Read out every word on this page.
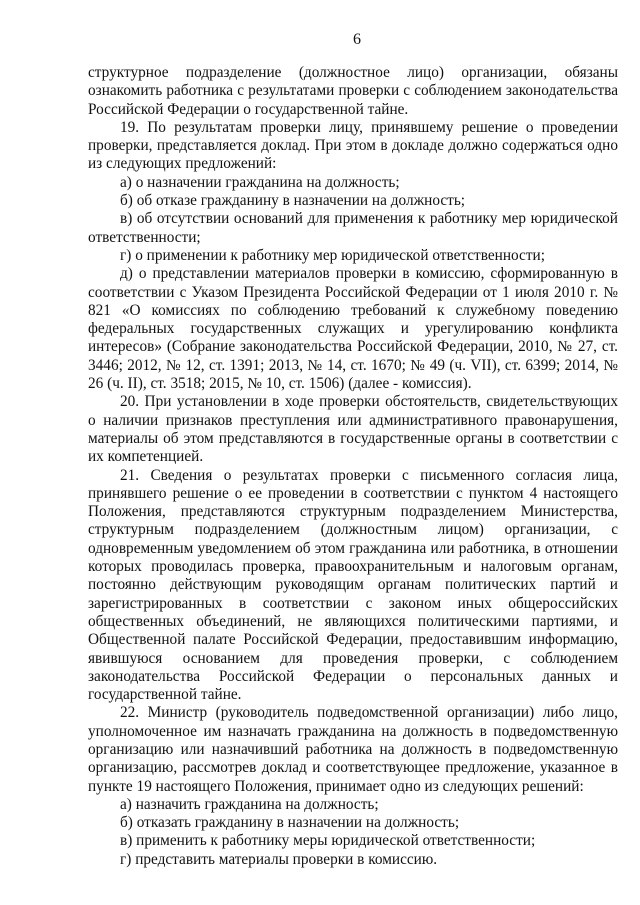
6

структурное подразделение (должностное лицо) организации, обязаны ознакомить работника с результатами проверки с соблюдением законодательства Российской Федерации о государственной тайне.

19. По результатам проверки лицу, принявшему решение о проведении проверки, представляется доклад. При этом в докладе должно содержаться одно из следующих предложений:

а) о назначении гражданина на должность;

б) об отказе гражданину в назначении на должность;

в) об отсутствии оснований для применения к работнику мер юридической ответственности;

г) о применении к работнику мер юридической ответственности;

д) о представлении материалов проверки в комиссию, сформированную в соответствии с Указом Президента Российской Федерации от 1 июля 2010 г. № 821 «О комиссиях по соблюдению требований к служебному поведению федеральных государственных служащих и урегулированию конфликта интересов» (Собрание законодательства Российской Федерации, 2010, № 27, ст. 3446; 2012, № 12, ст. 1391; 2013, № 14, ст. 1670; № 49 (ч. VII), ст. 6399; 2014, № 26 (ч. II), ст. 3518; 2015, № 10, ст. 1506) (далее - комиссия).

20. При установлении в ходе проверки обстоятельств, свидетельствующих о наличии признаков преступления или административного правонарушения, материалы об этом представляются в государственные органы в соответствии с их компетенцией.

21. Сведения о результатах проверки с письменного согласия лица, принявшего решение о ее проведении в соответствии с пунктом 4 настоящего Положения, представляются структурным подразделением Министерства, структурным подразделением (должностным лицом) организации, с одновременным уведомлением об этом гражданина или работника, в отношении которых проводилась проверка, правоохранительным и налоговым органам, постоянно действующим руководящим органам политических партий и зарегистрированных в соответствии с законом иных общероссийских общественных объединений, не являющихся политическими партиями, и Общественной палате Российской Федерации, предоставившим информацию, явившуюся основанием для проведения проверки, с соблюдением законодательства Российской Федерации о персональных данных и государственной тайне.

22. Министр (руководитель подведомственной организации) либо лицо, уполномоченное им назначать гражданина на должность в подведомственную организацию или назначивший работника на должность в подведомственную организацию, рассмотрев доклад и соответствующее предложение, указанное в пункте 19 настоящего Положения, принимает одно из следующих решений:

а) назначить гражданина на должность;

б) отказать гражданину в назначении на должность;

в) применить к работнику меры юридической ответственности;

г) представить материалы проверки в комиссию.
